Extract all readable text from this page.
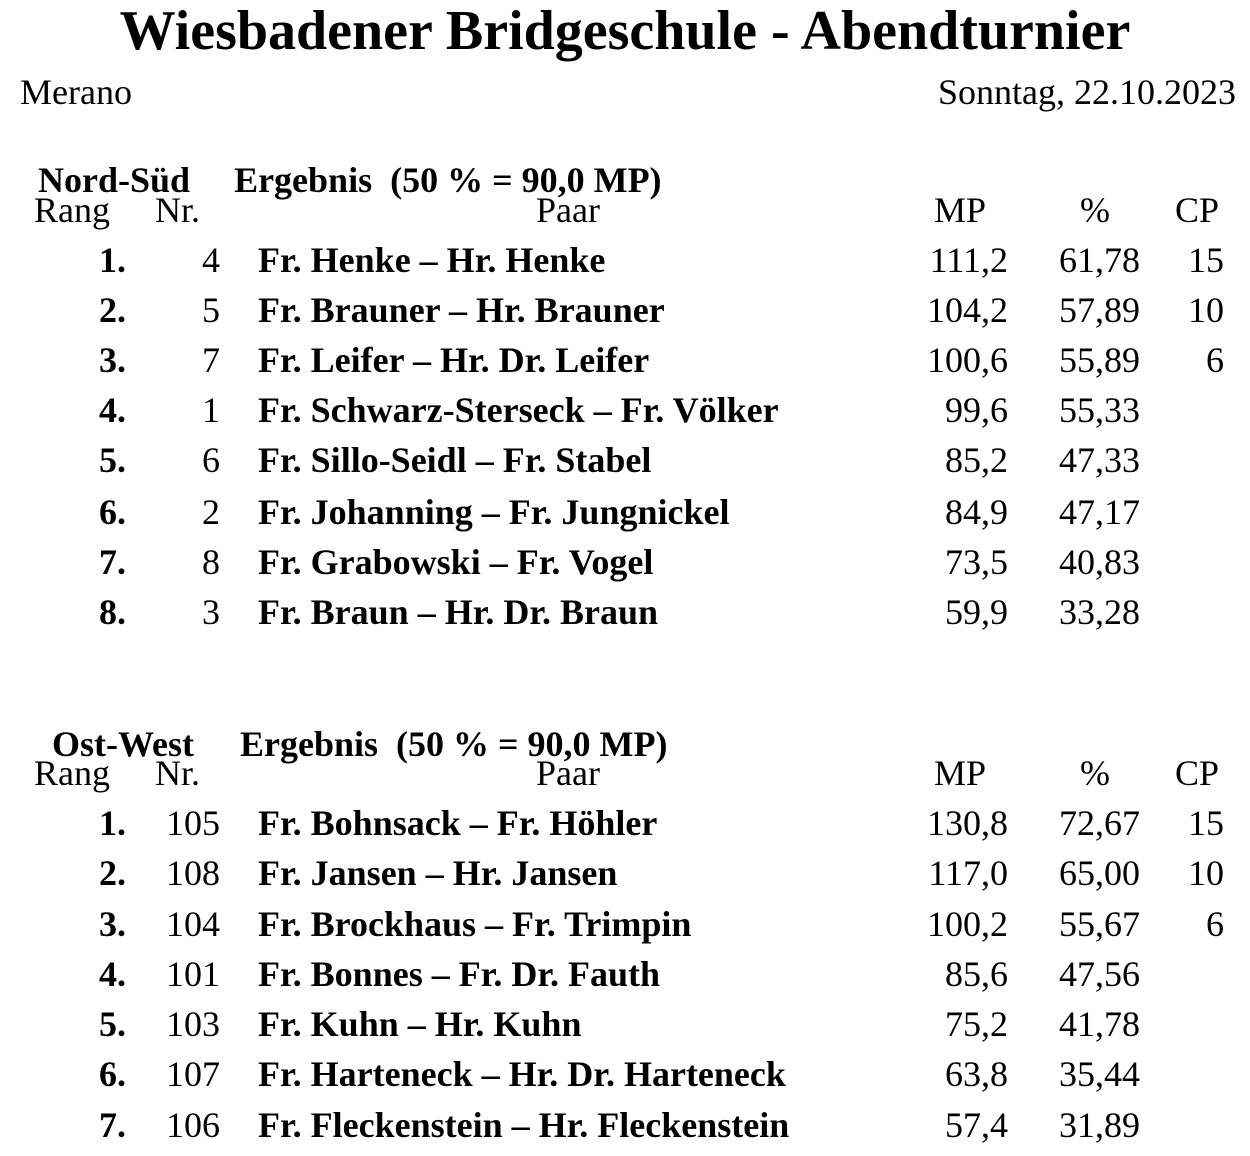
Wiesbadener Bridgeschule - Abendturnier
Merano	Sonntag, 22.10.2023

Nord-Süd Ergebnis  (50 % = 90,0 MP)

Rang	Nr.	Paar	MP	%	CP
1.	4 Fr. Henke – Hr. Henke	111,2	61,78	15
2.	5 Fr. Brauner – Hr. Brauner	104,2	57,89	10
3.	7 Fr. Leifer – Hr. Dr. Leifer	100,6	55,89	6
4.	1 Fr. Schwarz-Sterseck – Fr. Völker	99,6	55,33
5.	6 Fr. Sillo-Seidl – Fr. Stabel	85,2	47,33
6.	2 Fr. Johanning – Fr. Jungnickel	84,9	47,17
7.	8 Fr. Grabowski – Fr. Vogel	73,5	40,83
8.	3 Fr. Braun – Hr. Dr. Braun	59,9	33,28

Ost-West Ergebnis  (50 % = 90,0 MP)

Rang	Nr.	Paar	MP	%	CP
1.	105 Fr. Bohnsack – Fr. Höhler	130,8	72,67	15
2.	108 Fr. Jansen – Hr. Jansen	117,0	65,00	10
3.	104 Fr. Brockhaus – Fr. Trimpin	100,2	55,67	6
4.	101 Fr. Bonnes – Fr. Dr. Fauth	85,6	47,56
5.	103 Fr. Kuhn – Hr. Kuhn	75,2	41,78
6.	107 Fr. Harteneck – Hr. Dr. Harteneck	63,8	35,44
7.	106 Fr. Fleckenstein – Hr. Fleckenstein	57,4	31,89
